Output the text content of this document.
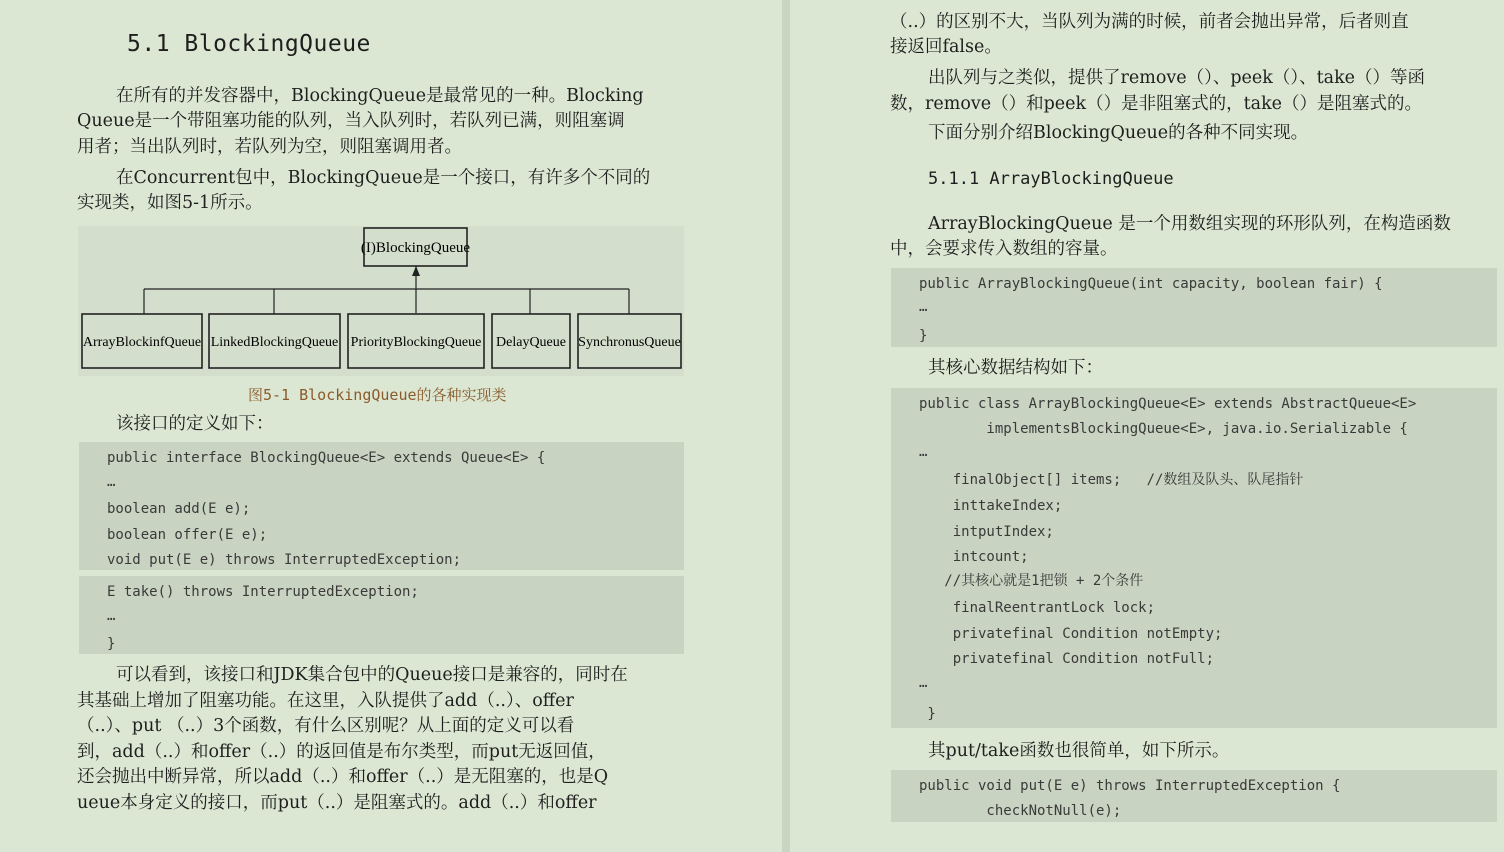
5.1 BlockingQueue
在所有的并发容器中，BlockingQueue是最常见的一种。Blocking
Queue是一个带阻塞功能的队列，当入队列时，若队列已满，则阻塞调
用者；当出队列时，若队列为空，则阻塞调用者。
在Concurrent包中，BlockingQueue是一个接口，有许多个不同的
实现类，如图5-1所示。
(I)BlockingQueue
ArrayBlockinfQueue LinkedBlockingQueue PriorityBlockingQueue DelayQueue SynchronusQueue
图5-1 BlockingQueue的各种实现类
该接口的定义如下：
public interface BlockingQueue<E> extends Queue<E> {
…
boolean add(E e);
boolean offer(E e);
void put(E e) throws InterruptedException;
E take() throws InterruptedException;
…
}
可以看到，该接口和JDK集合包中的Queue接口是兼容的，同时在
其基础上增加了阻塞功能。在这里，入队提供了add（..）、offer
（..）、put （..）3个函数，有什么区别呢？从上面的定义可以看
到，add（..）和offer（..）的返回值是布尔类型，而put无返回值，
还会抛出中断异常，所以add（..）和offer（..）是无阻塞的，也是Q
ueue本身定义的接口，而put（..）是阻塞式的。add（..）和offer
（..）的区别不大，当队列为满的时候，前者会抛出异常，后者则直
接返回false。
出队列与之类似，提供了remove（）、peek（）、take（）等函
数，remove（）和peek（）是非阻塞式的，take（）是阻塞式的。
下面分别介绍BlockingQueue的各种不同实现。
5.1.1 ArrayBlockingQueue
ArrayBlockingQueue 是一个用数组实现的环形队列，在构造函数
中，会要求传入数组的容量。
public ArrayBlockingQueue(int capacity, boolean fair) {
…
}
其核心数据结构如下：
public class ArrayBlockingQueue<E> extends AbstractQueue<E>
implementsBlockingQueue<E>, java.io.Serializable {
…
finalObject[] items;   //数组及队头、队尾指针
inttakeIndex;
intputIndex;
intcount;
//其核心就是1把锁 + 2个条件
finalReentrantLock lock;
privatefinal Condition notEmpty;
privatefinal Condition notFull;
…
}
其put/take函数也很简单，如下所示。
public void put(E e) throws InterruptedException {
checkNotNull(e);
